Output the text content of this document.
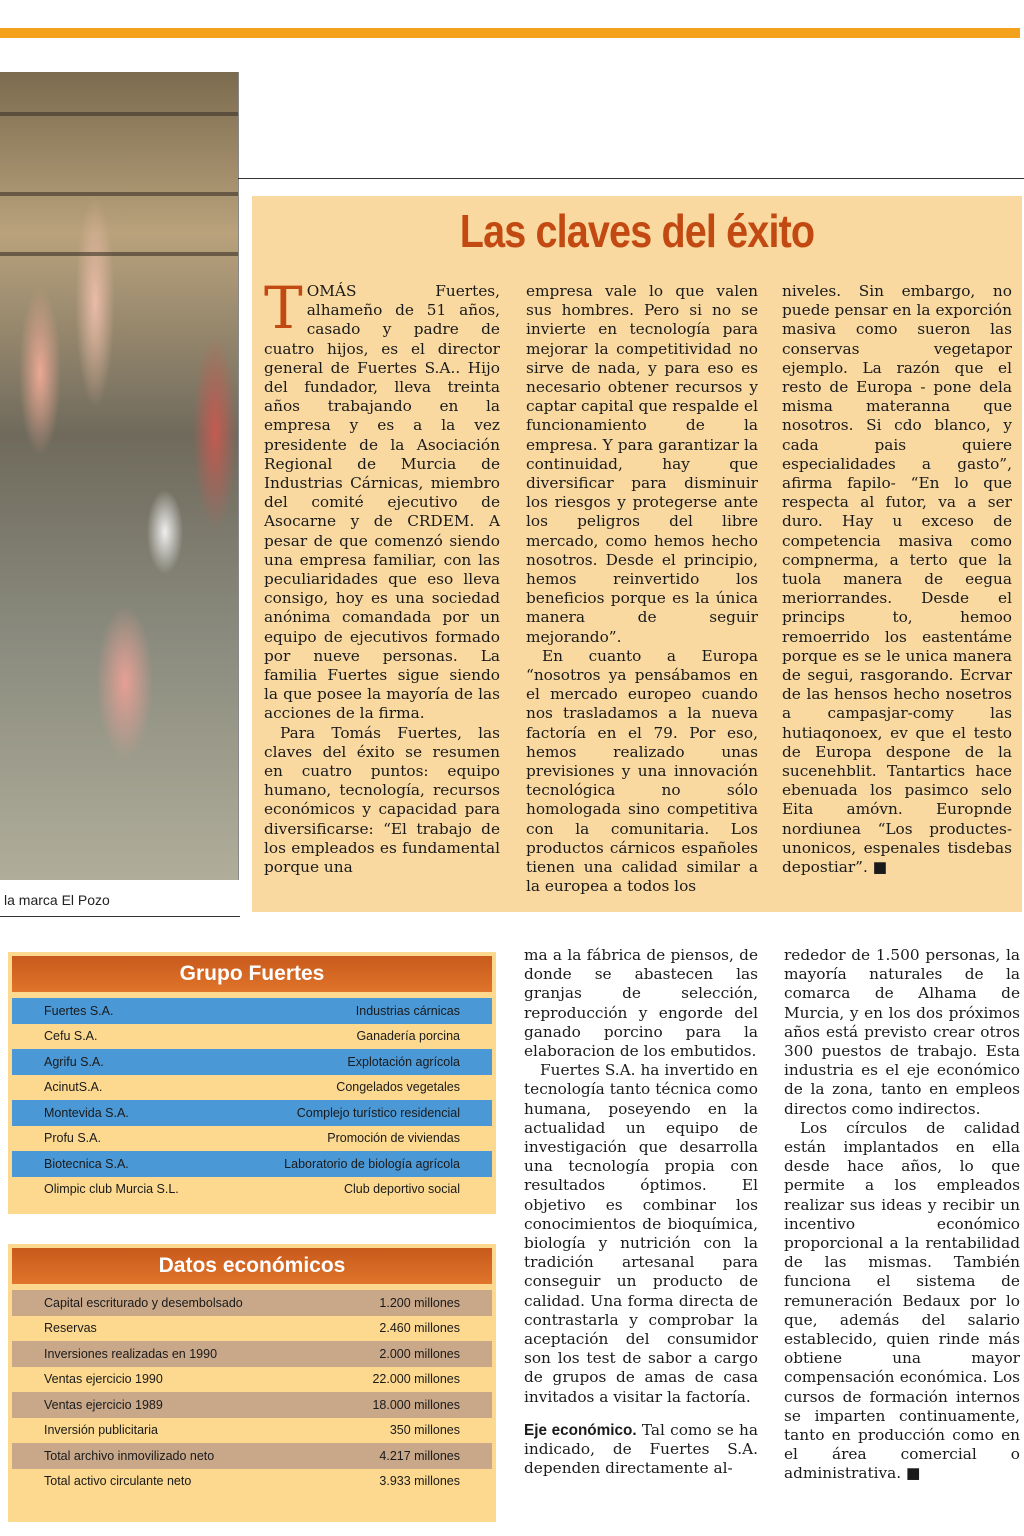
la marca El Pozo
Las claves del éxito
T OMÁS Fuertes, alhameño de 51 años, casado y padre de cuatro hijos, es el director general de Fuertes S.A.. Hijo del fundador, lleva treinta años trabajando en la empresa y es a la vez presidente de la Asociación Regional de Murcia de Industrias Cárnicas, miembro del comité ejecutivo de Asocarne y de CRDEM. A pesar de que comenzó siendo una empresa familiar, con las peculiaridades que eso lleva consigo, hoy es una sociedad anónima comandada por un equipo de ejecutivos formado por nueve personas. La familia Fuertes sigue siendo la que posee la mayoría de las acciones de la firma.

Para Tomás Fuertes, las claves del éxito se resumen en cuatro puntos: equipo humano, tecnología, recursos económicos y capacidad para diversificarse: “El trabajo de los empleados es fundamental porque una

empresa vale lo que valen sus hombres. Pero si no se invierte en tecnología para mejorar la competitividad no sirve de nada, y para eso es necesario obtener recursos y captar capital que respalde el funcionamiento de la empresa. Y para garantizar la continuidad, hay que diversificar para disminuir los riesgos y protegerse ante los peligros del libre mercado, como hemos hecho nosotros. Desde el principio, hemos reinvertido los beneficios porque es la única manera de seguir mejorando”.

En cuanto a Europa “nosotros ya pensábamos en el mercado europeo cuando nos trasladamos a la nueva factoría en el 79. Por eso, hemos realizado unas previsiones y una innovación tecnológica no sólo homologada sino competitiva con la comunitaria. Los productos cárnicos españoles tienen una calidad similar a la europea a todos los

niveles. Sin embargo, no puede pensar en la exporción masiva como sueron las conservas vegetapor ejemplo. La razón que el resto de Europa - pone dela misma materanna que nosotros. Si cdo blanco, y cada pais quiere especialidades a gasto”, afirma fapilo- “En lo que respecta al futor, va a ser duro. Hay u exceso de competencia masiva como compnerma, a terto que la tuola manera de eegua meriorrandes. Desde el princips to, hemoo remoerrido los eastentáme porque es se le unica manera de segui, rasgorando. Ecrvar de las hensos hecho nosetros a campasjar-comy las hutiaqonoex, ev que el testo de Europa despone de la sucenehblit. Tantartics hace ebenuada los pasimco selo Eita amóvn. Europnde nordiunea “Los productes-unonicos, espenales tisdebas depostiar”. ■

Grupo Fuertes
Fuertes S.A.	Industrias cárnicas
Cefu S.A.	Ganadería porcina
Agrifu S.A.	Explotación agrícola
AcinutS.A.	Congelados vegetales
Montevida S.A.	Complejo turístico residencial
Profu S.A.	Promoción de viviendas
Biotecnica S.A.	Laboratorio de biología agrícola
Olimpic club Murcia S.L.	Club deportivo social
Datos económicos
Capital escriturado y desembolsado	1.200 millones
Reservas	2.460 millones
Inversiones realizadas en 1990	2.000 millones
Ventas ejercicio 1990	22.000 millones
Ventas ejercicio 1989	18.000 millones
Inversión publicitaria	350 millones
Total archivo inmovilizado neto	4.217 millones
Total activo circulante neto	3.933 millones

ma a la fábrica de piensos, de donde se abastecen las granjas de selección, reproducción y engorde del ganado porcino para la elaboracion de los embutidos.

Fuertes S.A. ha invertido en tecnología tanto técnica como humana, poseyendo en la actualidad un equipo de investigación que desarrolla una tecnología propia con resultados óptimos. El objetivo es combinar los conocimientos de bioquímica, biología y nutrición con la tradición artesanal para conseguir un producto de calidad. Una forma directa de contrastarla y comprobar la aceptación del consumidor son los test de sabor a cargo de grupos de amas de casa invitados a visitar la factoría.

Eje económico. Tal como se ha indicado, de Fuertes S.A. dependen directamente al-

rededor de 1.500 personas, la mayoría naturales de la comarca de Alhama de Murcia, y en los dos próximos años está previsto crear otros 300 puestos de trabajo. Esta industria es el eje económico de la zona, tanto en empleos directos como indirectos.

Los círculos de calidad están implantados en ella desde hace años, lo que permite a los empleados realizar sus ideas y recibir un incentivo económico proporcional a la rentabilidad de las mismas. También funciona el sistema de remuneración Bedaux por lo que, además del salario establecido, quien rinde más obtiene una mayor compensación económica. Los cursos de formación internos se imparten continuamente, tanto en producción como en el área comercial o administrativa. ■
